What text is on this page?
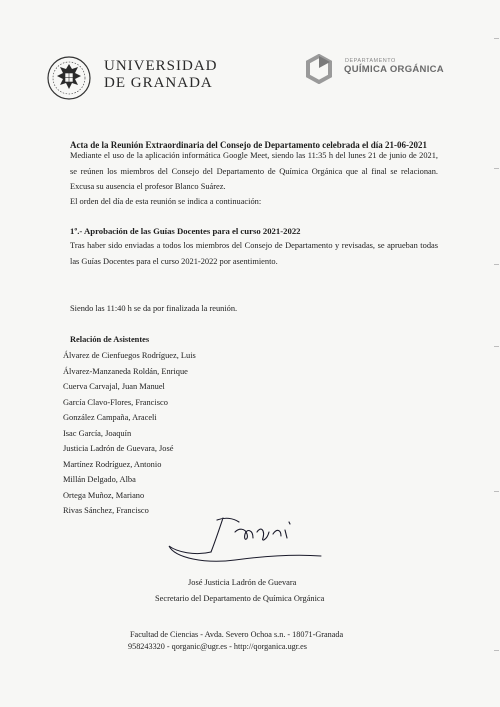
UNIVERSIDAD
DE GRANADA
DEPARTAMENTO
QUÍMICA ORGÁNICA
Acta de la Reunión Extraordinaria del Consejo de Departamento celebrada el día 21-06-2021
Mediante el uso de la aplicación informática Google Meet, siendo las 11:35 h del lunes 21 de junio de 2021, se reúnen los miembros del Consejo del Departamento de Química Orgánica que al final se relacionan. Excusa su ausencia el profesor Blanco Suárez.
El orden del día de esta reunión se indica a continuación:
1º.- Aprobación de las Guías Docentes para el curso 2021-2022
Tras haber sido enviadas a todos los miembros del Consejo de Departamento y revisadas, se aprueban todas las Guías Docentes para el curso 2021-2022 por asentimiento.
Siendo las 11:40 h se da por finalizada la reunión.
Relación de Asistentes
Álvarez de Cienfuegos Rodríguez, Luis
Álvarez-Manzaneda Roldán, Enrique
Cuerva Carvajal, Juan Manuel
García Clavo-Flores, Francisco
González Campaña, Araceli
Isac García, Joaquín
Justicia Ladrón de Guevara, José
Martínez Rodríguez, Antonio
Millán Delgado, Alba
Ortega Muñoz, Mariano
Rivas Sánchez, Francisco
José Justicia Ladrón de Guevara
Secretario del Departamento de Química Orgánica
Facultad de Ciencias - Avda. Severo Ochoa s.n. - 18071-Granada
958243320 - qorganic@ugr.es - http://qorganica.ugr.es
